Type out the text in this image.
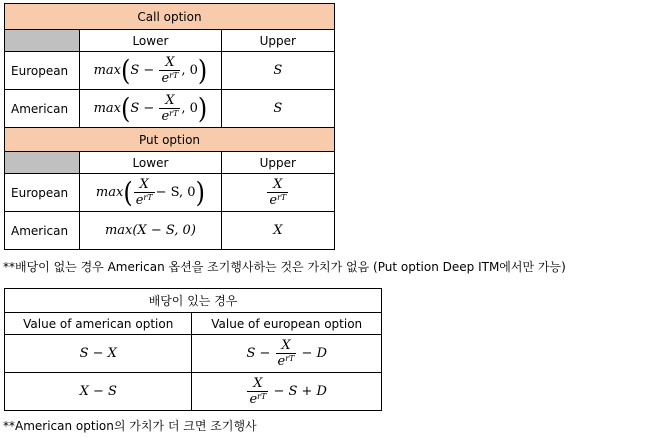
Call option		
	Lower	Upper
European	$\max(S - \frac{X}{e^{rT}}$ , 0)	S
American	$\max(S - \frac{X}{e^{rT}}$ , 0)	S
Put option		
	Lower	Upper
European	$\max( \frac{X}{e^{rT}} - S$, 0)	$\frac{X}{e^{rT}}$

American	max(X − S, 0)	X
**배당이 없는 경우 American 옵션을 조기행사하는 것은 가치가 없음 (Put option Deep ITM에서만 가능)
배당이 있는 경우	
Value of american option	Value of european option
S − X	$S - \frac{X}{e^{rT}} - D$
X − S	$\frac{X}{e^{rT}} - S + D$
**American option의 가치가 더 크면 조기행사
